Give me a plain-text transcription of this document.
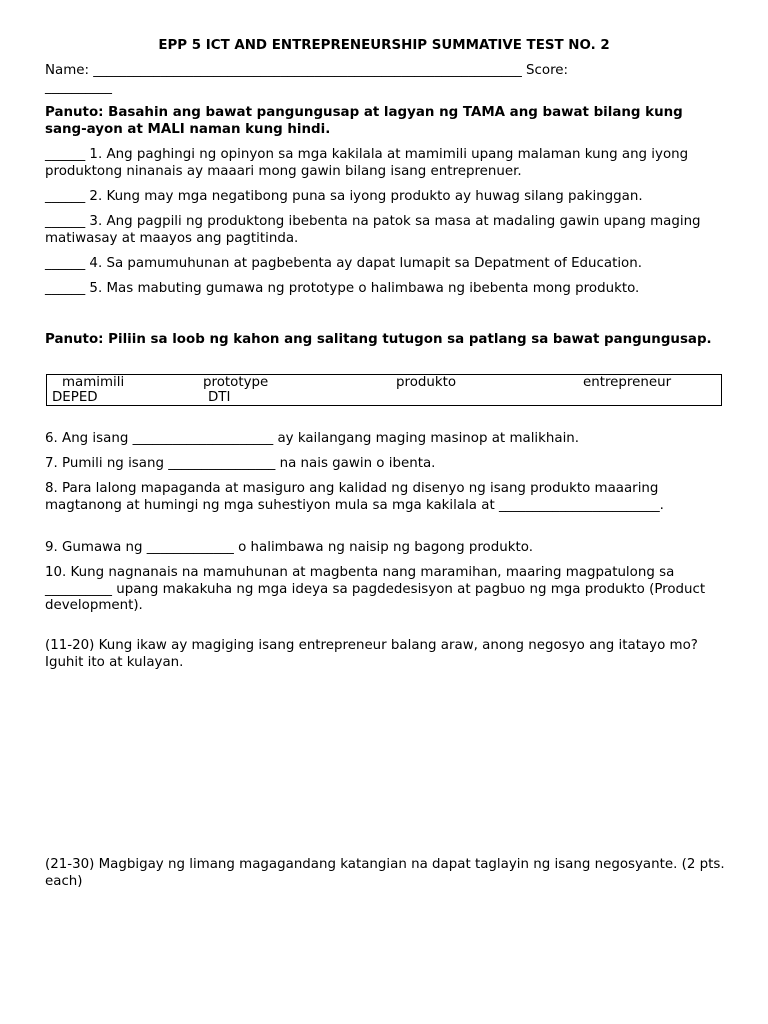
EPP 5 ICT AND ENTREPRENEURSHIP SUMMATIVE TEST NO. 2

Name: ________________________________________________________________ Score:

__________

Panuto: Basahin ang bawat pangungusap at lagyan ng TAMA ang bawat bilang kung sang-ayon at MALI naman kung hindi.

______ 1. Ang paghingi ng opinyon sa mga kakilala at mamimili upang malaman kung ang iyong produktong ninanais ay maaari mong gawin bilang isang entreprenuer.

______ 2. Kung may mga negatibong puna sa iyong produkto ay huwag silang pakinggan.

______ 3. Ang pagpili ng produktong ibebenta na patok sa masa at madaling gawin upang maging matiwasay at maayos ang pagtitinda.

______ 4. Sa pamumuhunan at pagbebenta ay dapat lumapit sa Depatment of Education.

______ 5. Mas mabuting gumawa ng prototype o halimbawa ng ibebenta mong produkto.

Panuto: Piliin sa loob ng kahon ang salitang tutugon sa patlang sa bawat pangungusap.

mamimili	prototype	produkto	entrepreneur
DEPED	DTI

6. Ang isang _____________________ ay kailangang maging masinop at malikhain.

7. Pumili ng isang ________________ na nais gawin o ibenta.

8. Para lalong mapaganda at masiguro ang kalidad ng disenyo ng isang produkto maaaring magtanong at humingi ng mga suhestiyon mula sa mga kakilala at ________________________.

9. Gumawa ng _____________ o halimbawa ng naisip ng bagong produkto.

10. Kung nagnanais na mamuhunan at magbenta nang maramihan, maaring magpatulong sa __________ upang makakuha ng mga ideya sa pagdedesisyon at pagbuo ng mga produkto (Product development).

(11-20) Kung ikaw ay magiging isang entrepreneur balang araw, anong negosyo ang itatayo mo? Iguhit ito at kulayan.

(21-30) Magbigay ng limang magagandang katangian na dapat taglayin ng isang negosyante. (2 pts. each)
